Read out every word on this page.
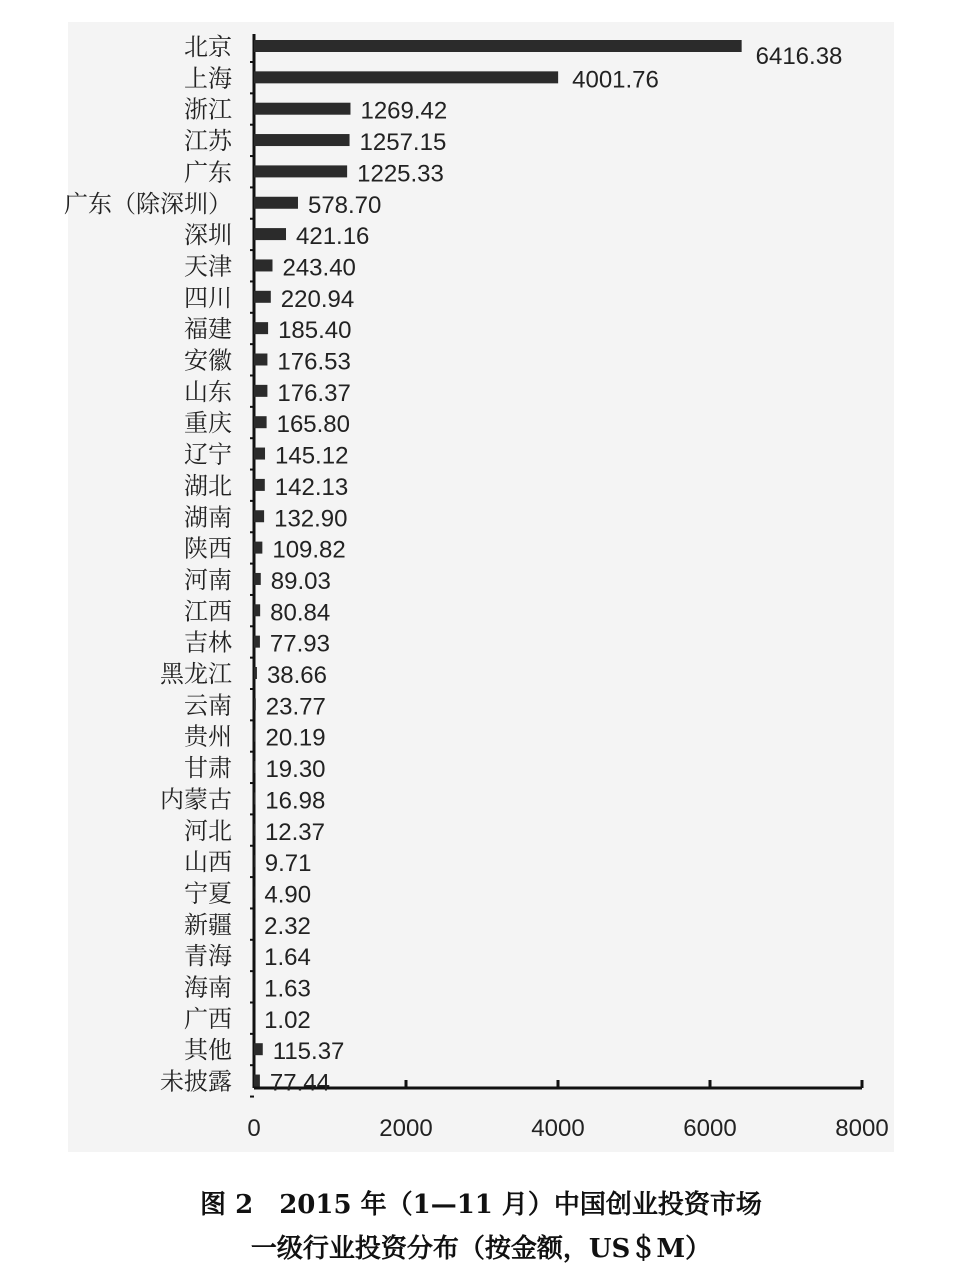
0	2000	4000	6000	8000
北京	6416.38
上海	4001.76
浙江	1269.42
江苏	1257.15
广东	1225.33
广东（除深圳）	578.70
深圳	421.16
天津 243.40
四川 220.94
福建 185.40
安徽 176.53
山东 176.37
重庆 165.80
辽宁 145.12
湖北 142.13
湖南 132.90
陕西 109.82
河南 89.03
江西 80.84
吉林 77.93
黑龙江 38.66
云南 23.77
贵州 20.19
甘肃 19.30
内蒙古 16.98
河北 12.37
山西 9.71
宁夏 4.90
新疆 2.32
青海 1.64
海南 1.63
广西 1.02
其他 115.37
未披露 77.44
图 2　2015 年（1—11 月）中国创业投资市场
一级行业投资分布（按金额，US＄M）
